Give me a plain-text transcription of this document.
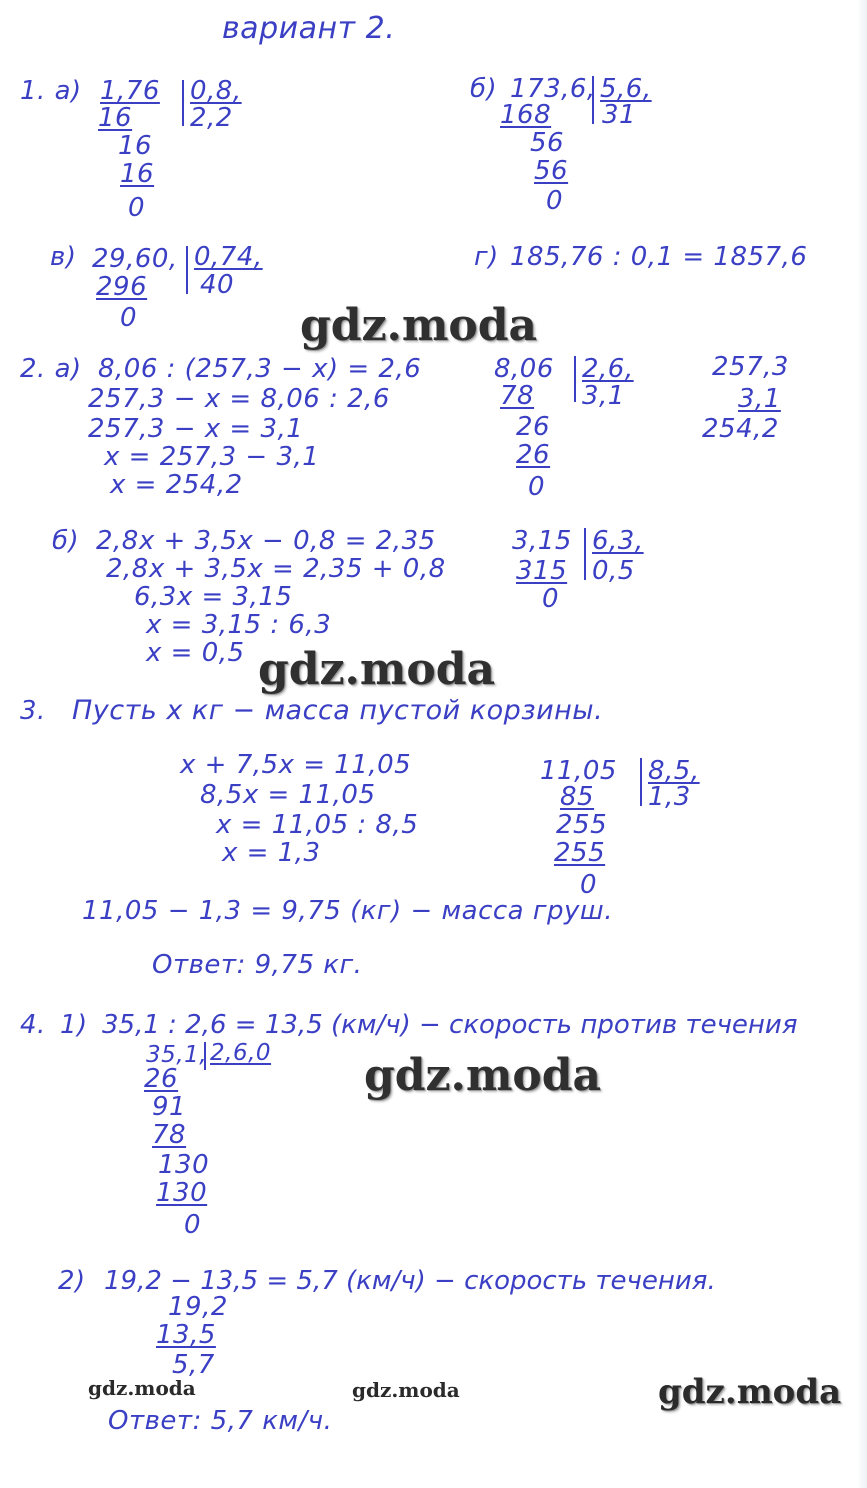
вариант 2.
1. а) 1,76 0,8,
2,2
16
16
16
0
б) 173,6, 5,6,
31
168
56
56
0
в) 29,60, 0,74,
40
296
0
г) 185,76 : 0,1 = 1857,6
2. а) 8,06 : (257,3 − x) = 2,6
257,3 − x = 8,06 : 2,6
257,3 − x = 3,1
x = 257,3 − 3,1
x = 254,2
8,06 2,6,
3,1
78
26
26
0
257,3
3,1
254,2
б) 2,8x + 3,5x − 0,8 = 2,35
2,8x + 3,5x = 2,35 + 0,8
6,3x = 3,15
x = 3,15 : 6,3
x = 0,5
3,15 6,3,
0,5
315
0
3. Пусть x кг − масса пустой корзины.
x + 7,5x = 11,05
8,5x = 11,05
x = 11,05 : 8,5
x = 1,3
11,05 8,5,
1,3
85
255
255
0
11,05 − 1,3 = 9,75 (кг) − масса груш.
Ответ: 9,75 кг.
4. 1) 35,1 : 2,6 = 13,5 (км/ч) − скорость против течения
35,1, 2,6,0
26
91
78
130
130
0
2) 19,2 − 13,5 = 5,7 (км/ч) − скорость течения.
19,2
13,5
5,7
Ответ: 5,7 км/ч.
gdz.moda
gdz.moda
gdz.moda
gdz.moda	gdz.moda	gdz.moda
